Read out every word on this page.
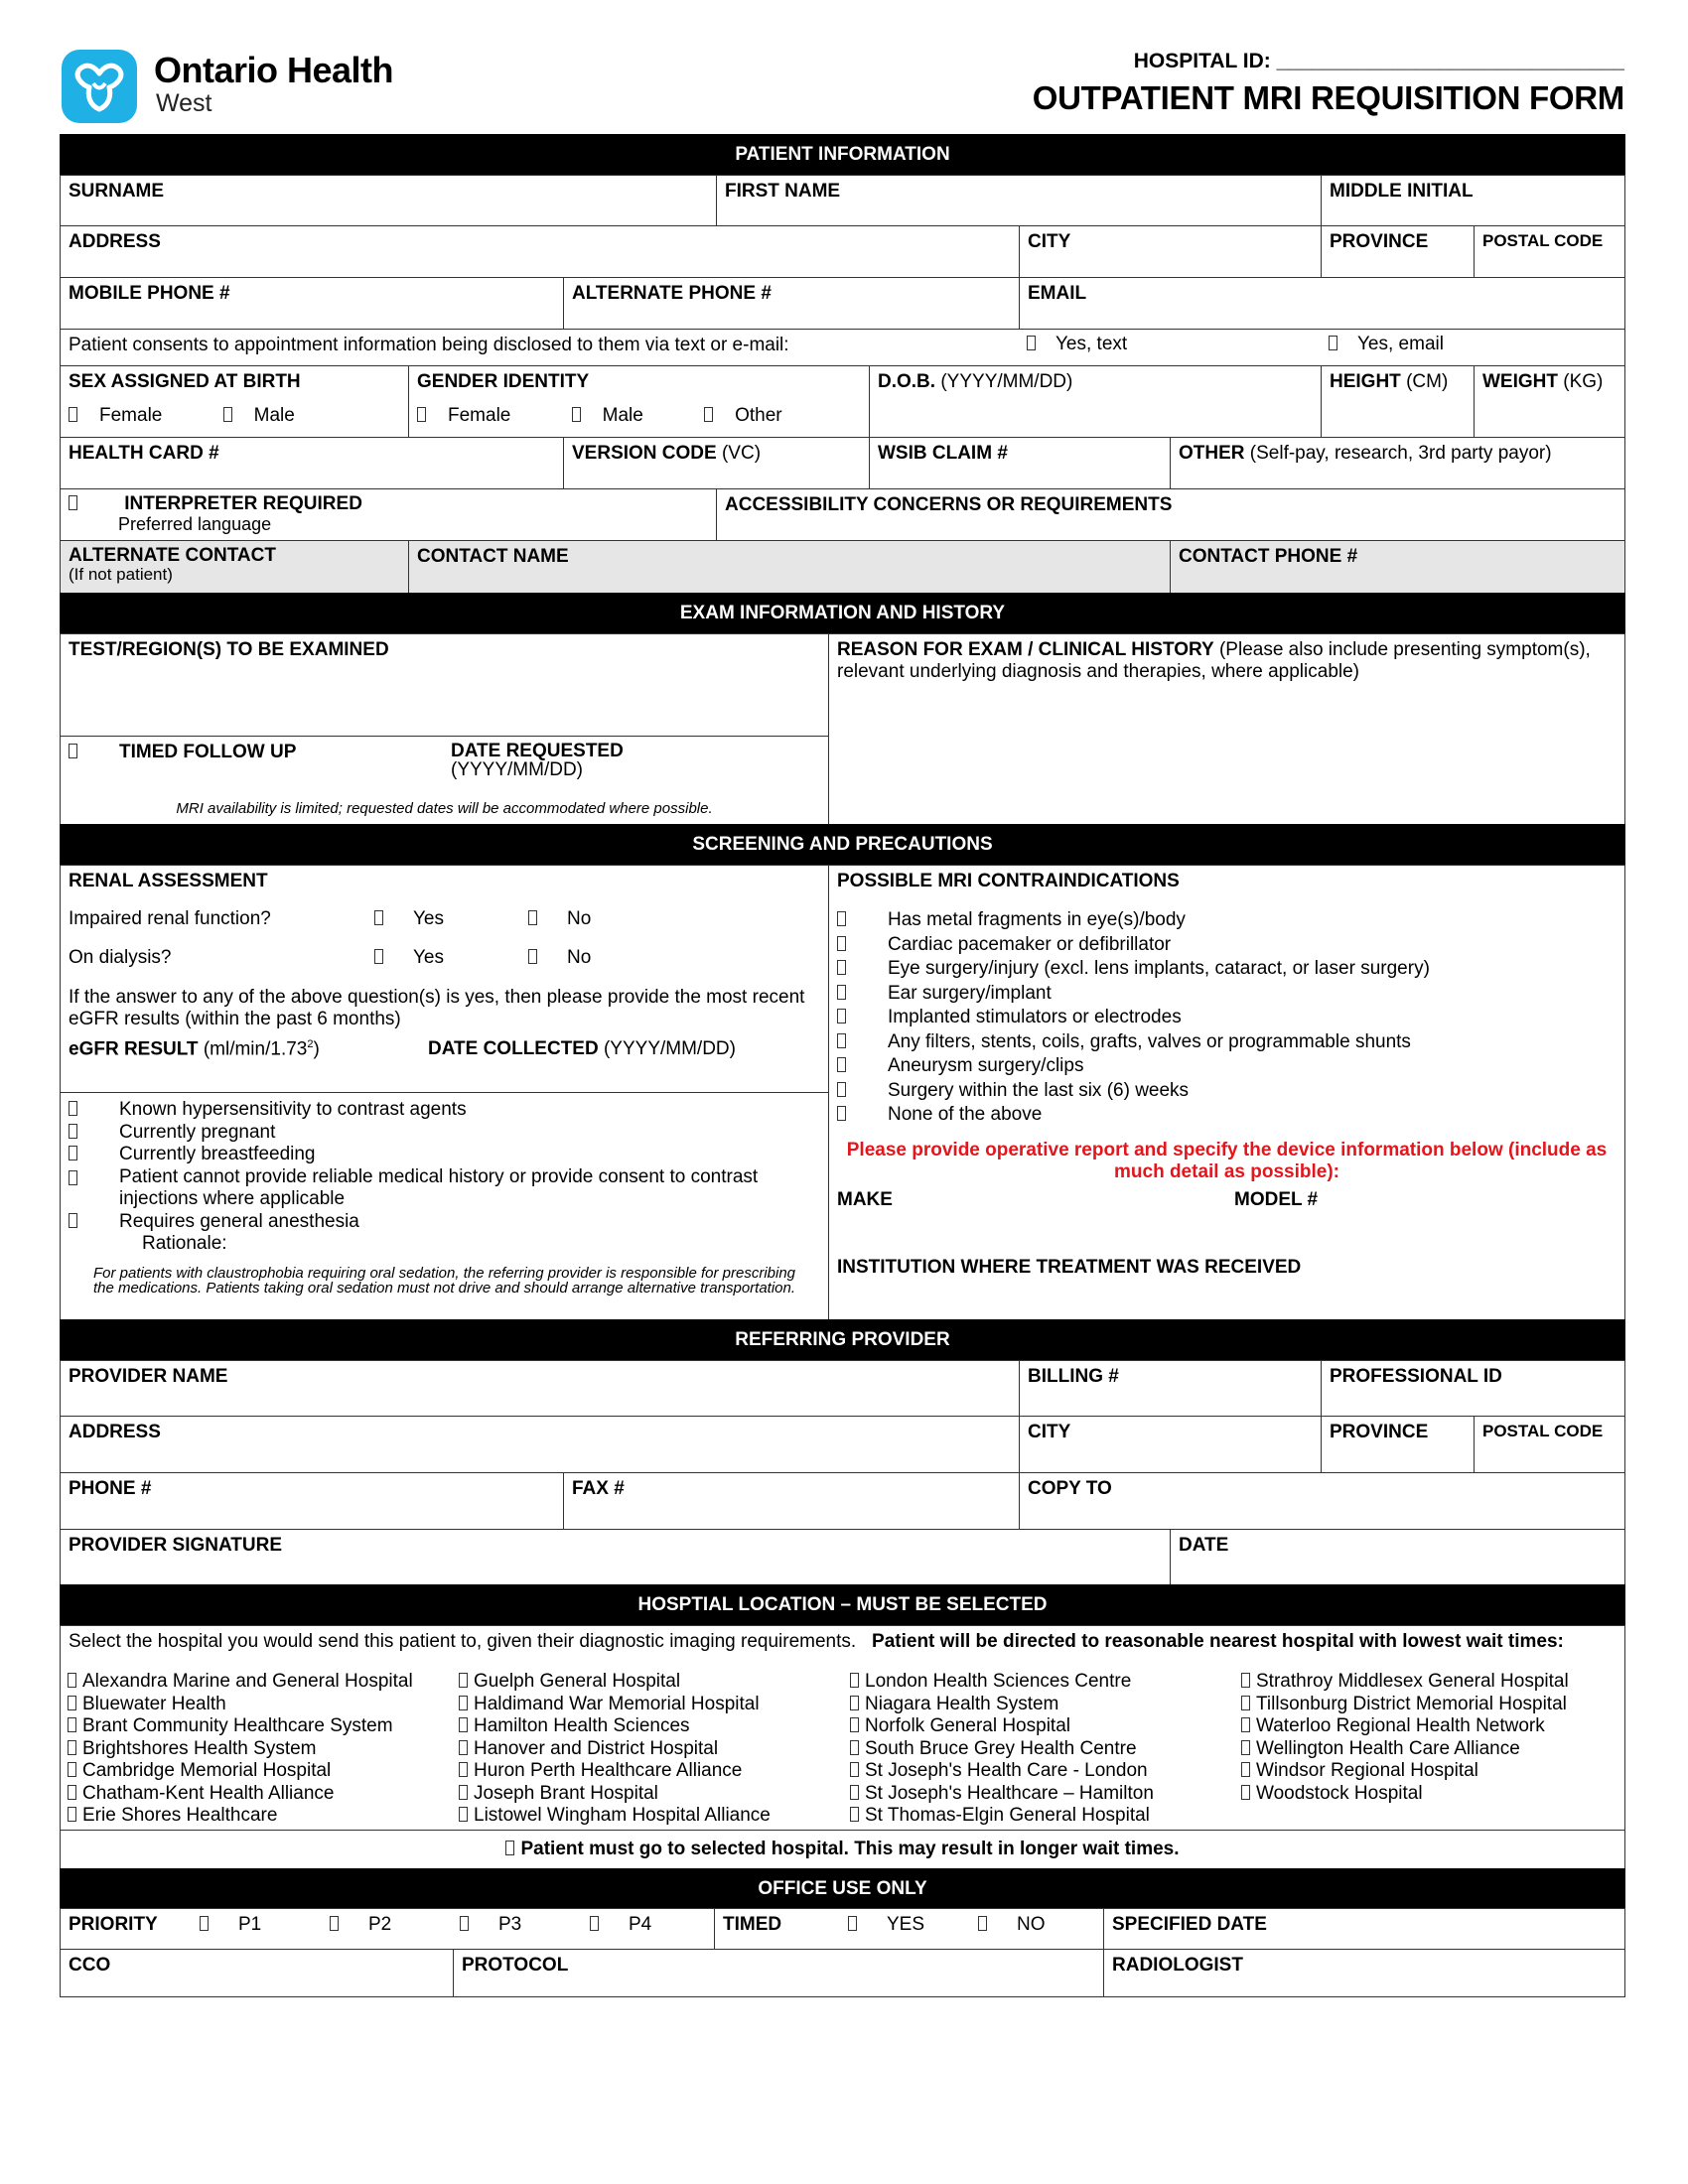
Ontario Health
West
HOSPITAL ID: ______________________________
OUTPATIENT MRI REQUISITION FORM
PATIENT INFORMATION
SURNAME	FIRST NAME	MIDDLE INITIAL
ADDRESS	CITY	PROVINCE	POSTAL CODE
MOBILE PHONE #	ALTERNATE PHONE #	EMAIL
Patient consents to appointment information being disclosed to them via text or e-mail:	Yes, text	Yes, email
SEX ASSIGNED AT BIRTH
Female	Male
GENDER IDENTITY
Female	Male	Other
D.O.B. (YYYY/MM/DD)	HEIGHT (CM)	WEIGHT (KG)
HEALTH CARD #	VERSION CODE (VC)	WSIB CLAIM #	OTHER (Self-pay, research, 3rd party payor)
INTERPRETER REQUIRED
Preferred language
ACCESSIBILITY CONCERNS OR REQUIREMENTS
ALTERNATE CONTACT
(If not patient)
CONTACT NAME	CONTACT PHONE #
EXAM INFORMATION AND HISTORY
TEST/REGION(S) TO BE EXAMINED	REASON FOR EXAM / CLINICAL HISTORY (Please also include presenting symptom(s), relevant underlying diagnosis and therapies, where applicable)
TIMED FOLLOW UP	DATE REQUESTED
(YYYY/MM/DD)
MRI availability is limited; requested dates will be accommodated where possible.
SCREENING AND PRECAUTIONS
RENAL ASSESSMENT
Impaired renal function?	Yes	No
On dialysis?	Yes	No
If the answer to any of the above question(s) is yes, then please provide the most recent eGFR results (within the past 6 months)
eGFR RESULT (ml/min/1.73$^2$)	DATE COLLECTED (YYYY/MM/DD)
Known hypersensitivity to contrast agents
Currently pregnant
Currently breastfeeding
Patient cannot provide reliable medical history or provide consent to contrast injections where applicable
Requires general anesthesia
Rationale:
For patients with claustrophobia requiring oral sedation, the referring provider is responsible for prescribing the medications. Patients taking oral sedation must not drive and should arrange alternative transportation.
POSSIBLE MRI CONTRAINDICATIONS
Has metal fragments in eye(s)/body
Cardiac pacemaker or defibrillator
Eye surgery/injury (excl. lens implants, cataract, or laser surgery)
Ear surgery/implant
Implanted stimulators or electrodes
Any filters, stents, coils, grafts, valves or programmable shunts
Aneurysm surgery/clips
Surgery within the last six (6) weeks
None of the above
Please provide operative report and specify the device information below (include as much detail as possible):
MAKE	MODEL #
INSTITUTION WHERE TREATMENT WAS RECEIVED
REFERRING PROVIDER
PROVIDER NAME	BILLING #	PROFESSIONAL ID
ADDRESS	CITY	PROVINCE	POSTAL CODE
PHONE #	FAX #	COPY TO
PROVIDER SIGNATURE	DATE
HOSPTIAL LOCATION – MUST BE SELECTED
Select the hospital you would send this patient to, given their diagnostic imaging requirements. Patient will be directed to reasonable nearest hospital with lowest wait times:
Alexandra Marine and General Hospital
Bluewater Health
Brant Community Healthcare System
Brightshores Health System
Cambridge Memorial Hospital
Chatham-Kent Health Alliance
Erie Shores Healthcare
Guelph General Hospital
Haldimand War Memorial Hospital
Hamilton Health Sciences
Hanover and District Hospital
Huron Perth Healthcare Alliance
Joseph Brant Hospital
Listowel Wingham Hospital Alliance
London Health Sciences Centre
Niagara Health System
Norfolk General Hospital
South Bruce Grey Health Centre
St Joseph's Health Care - London
St Joseph's Healthcare – Hamilton
St Thomas-Elgin General Hospital
Strathroy Middlesex General Hospital
Tillsonburg District Memorial Hospital
Waterloo Regional Health Network
Wellington Health Care Alliance
Windsor Regional Hospital
Woodstock Hospital
Patient must go to selected hospital. This may result in longer wait times.
OFFICE USE ONLY
PRIORITY	P1	P2	P3	P4	TIMED	YES	NO	SPECIFIED DATE
CCO	PROTOCOL	RADIOLOGIST
